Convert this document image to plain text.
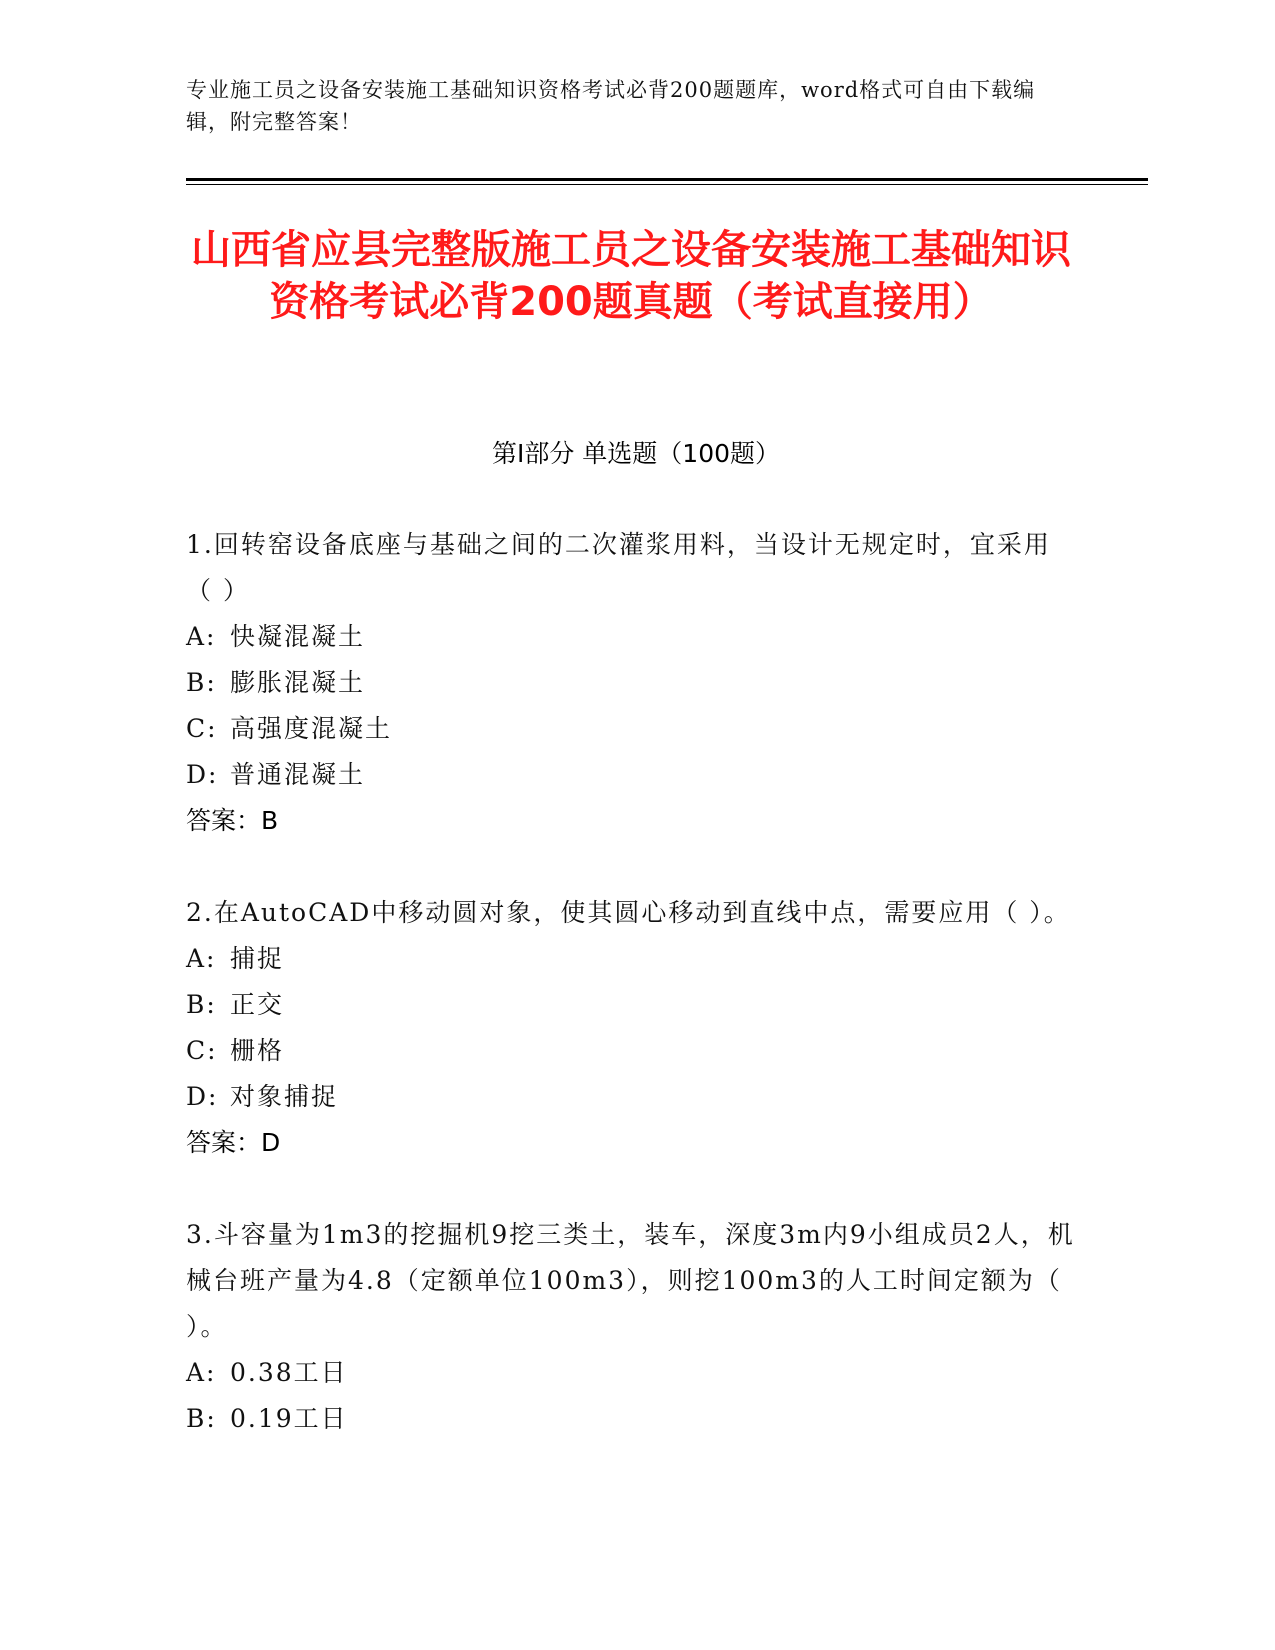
专业施工员之设备安装施工基础知识资格考试必背200题题库，word格式可自由下载编辑，附完整答案！
山西省应县完整版施工员之设备安装施工基础知识资格考试必背200题真题（考试直接用）
第Ⅰ部分 单选题（100题）
1.回转窑设备底座与基础之间的二次灌浆用料，当设计无规定时，宜采用（ ）
A: 快凝混凝土
B: 膨胀混凝土
C: 高强度混凝土
D: 普通混凝土
答案：B
2.在AutoCAD中移动圆对象，使其圆心移动到直线中点，需要应用（ ）。
A: 捕捉
B: 正交
C: 栅格
D: 对象捕捉
答案：D
3.斗容量为1m3的挖掘机9挖三类土，装车，深度3m内9小组成员2人，机械台班产量为4.8（定额单位100m3），则挖100m3的人工时间定额为（ ）。
A: 0.38工日
B: 0.19工日
